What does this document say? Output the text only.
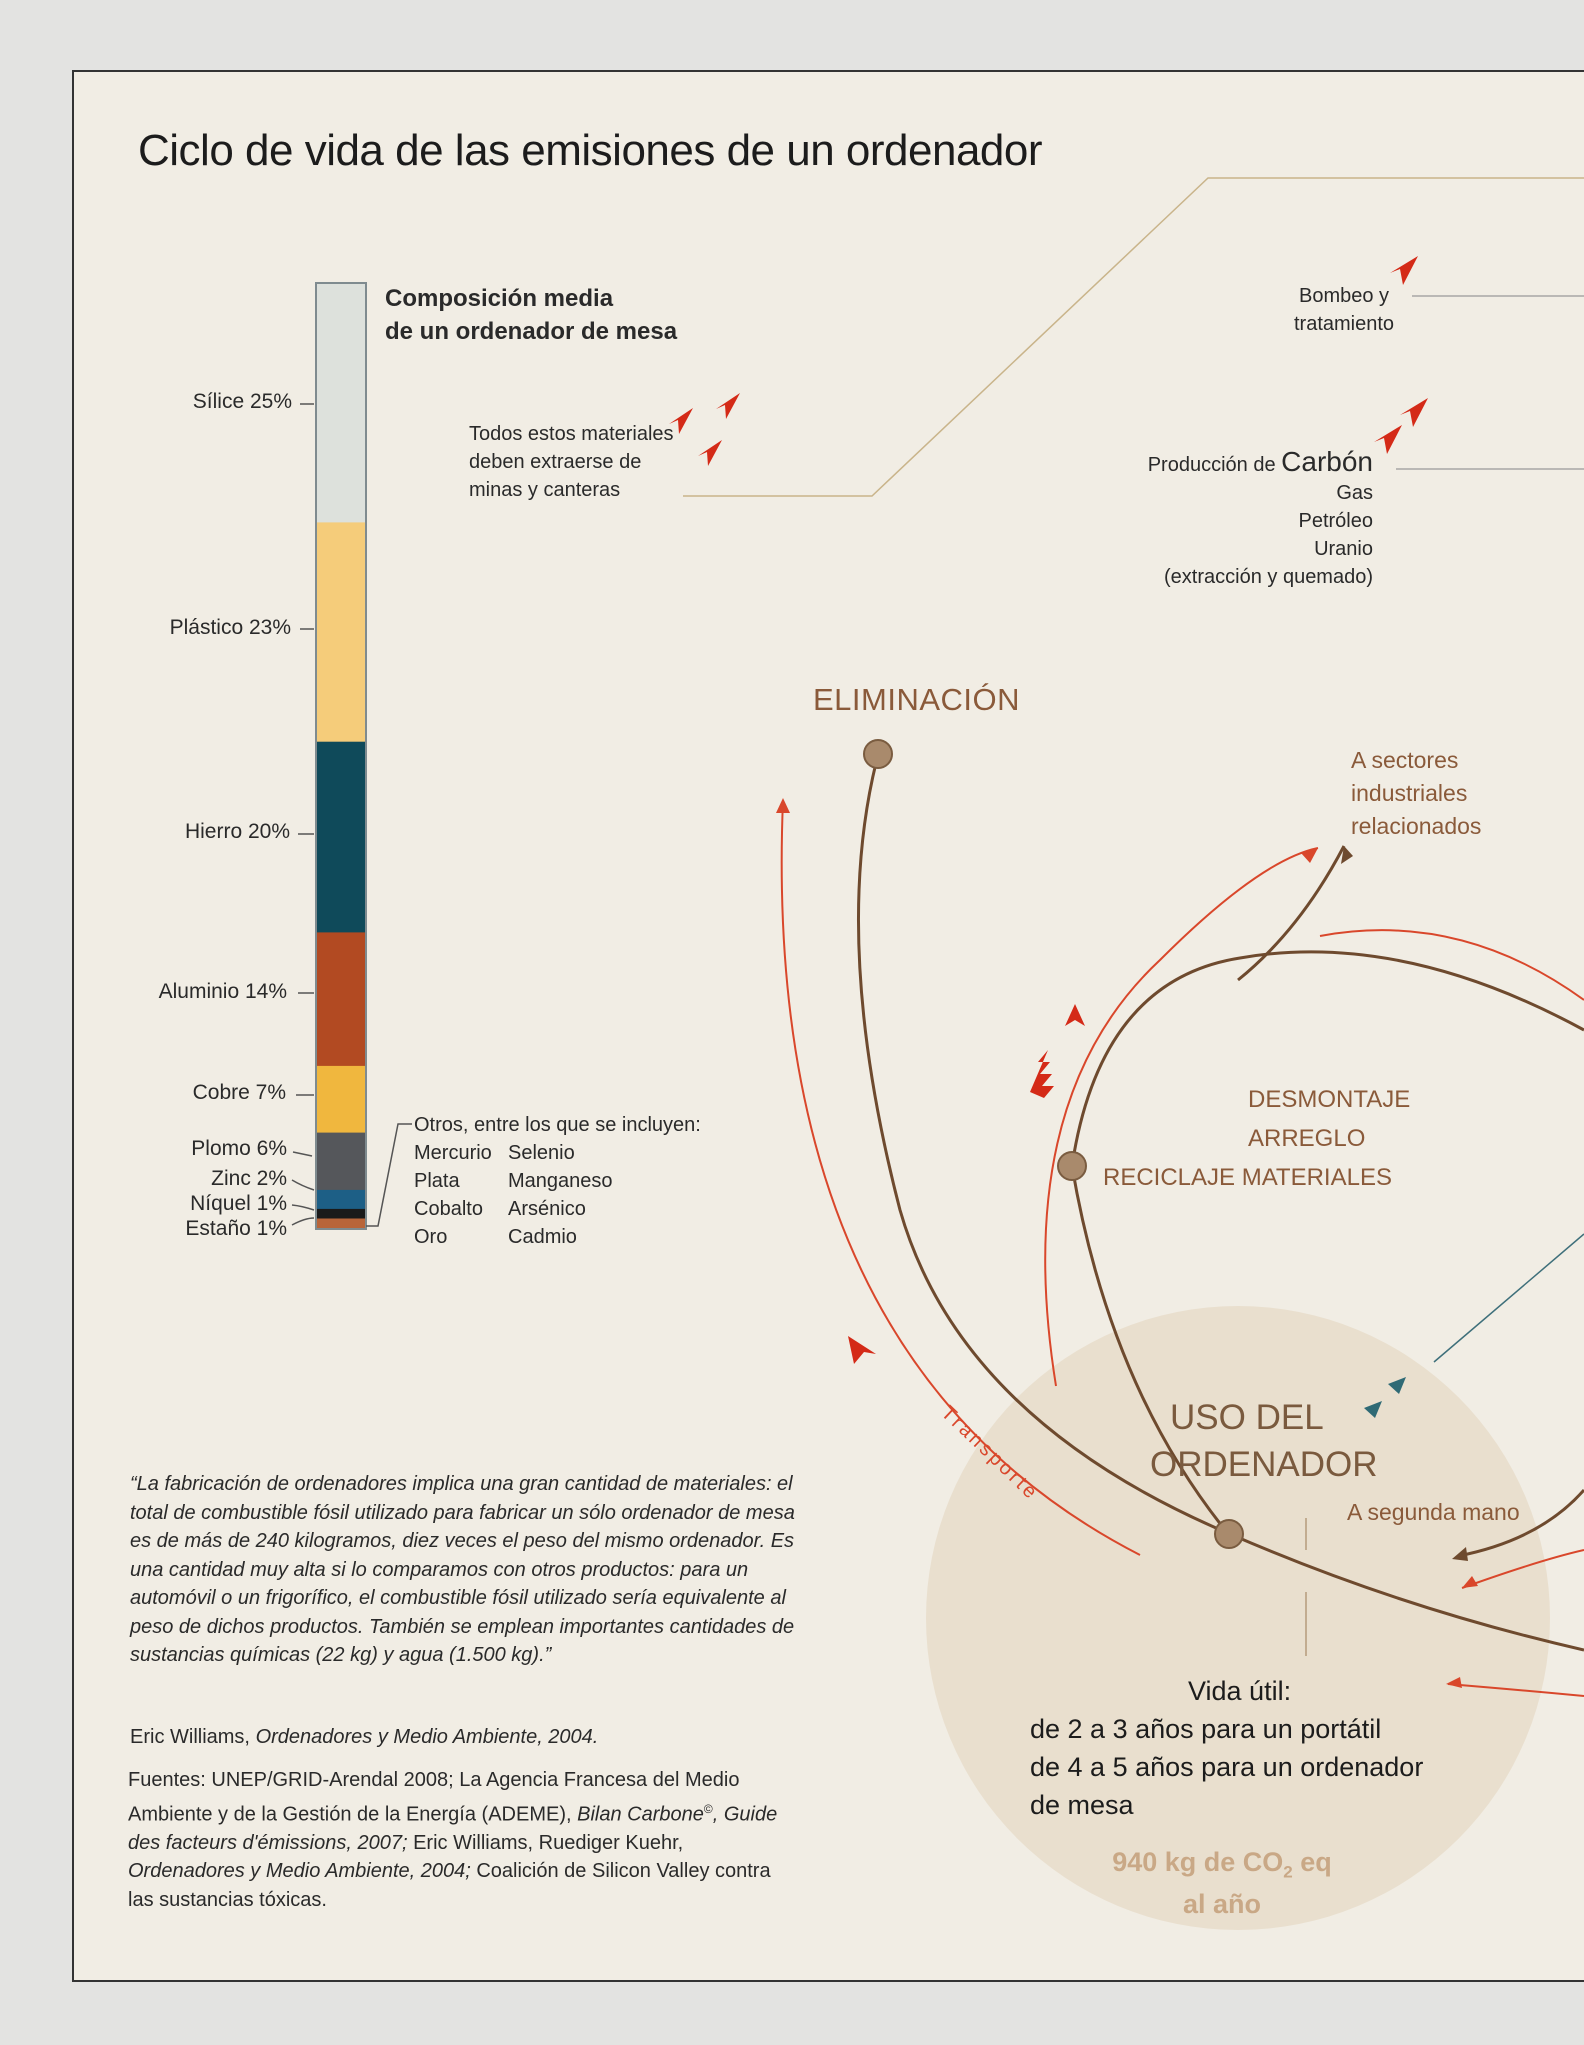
Transporte
Ciclo de vida de las emisiones de un ordenador
Composición media
de un ordenador de mesa
Sílice 25%
Plástico 23%
Hierro 20%
Aluminio 14%
Cobre 7%
Plomo 6%
Zinc 2%
Níquel 1%
Estaño 1%
Otros, entre los que se incluyen:
Mercurio
Plata
Cobalto
Oro
Selenio
Manganeso
Arsénico
Cadmio
Todos estos materiales
deben extraerse de
minas y canteras
Bombeo y
tratamiento
Producción de Carbón
Gas
Petróleo
Uranio
(extracción y quemado)
ELIMINACIÓN
A sectores
industriales
relacionados
DESMONTAJE
ARREGLO
RECICLAJE MATERIALES
USO DEL
ORDENADOR
A segunda mano
Vida útil:
de 2 a 3 años para un portátil
de 4 a 5 años para un ordenador
de mesa
940 kg de $CO_2$ eq
al año
“La fabricación de ordenadores implica una gran cantidad de materiales: el total de combustible fósil utilizado para fabricar un sólo ordenador de mesa es de más de 240 kilogramos, diez veces el peso del mismo ordenador. Es una cantidad muy alta si lo comparamos con otros productos: para un automóvil o un frigorífico, el combustible fósil utilizado sería equivalente al peso de dichos productos. También se emplean importantes cantidades de sustancias químicas (22 kg) y agua (1.500 kg).”
Eric Williams, Ordenadores y Medio Ambiente, 2004.
Fuentes: UNEP/GRID-Arendal 2008; La Agencia Francesa del Medio Ambiente y de la Gestión de la Energía (ADEME), Bilan Carbone©, Guide des facteurs d'émissions, 2007; Eric Williams, Ruediger Kuehr, Ordenadores y Medio Ambiente, 2004; Coalición de Silicon Valley contra las sustancias tóxicas.
